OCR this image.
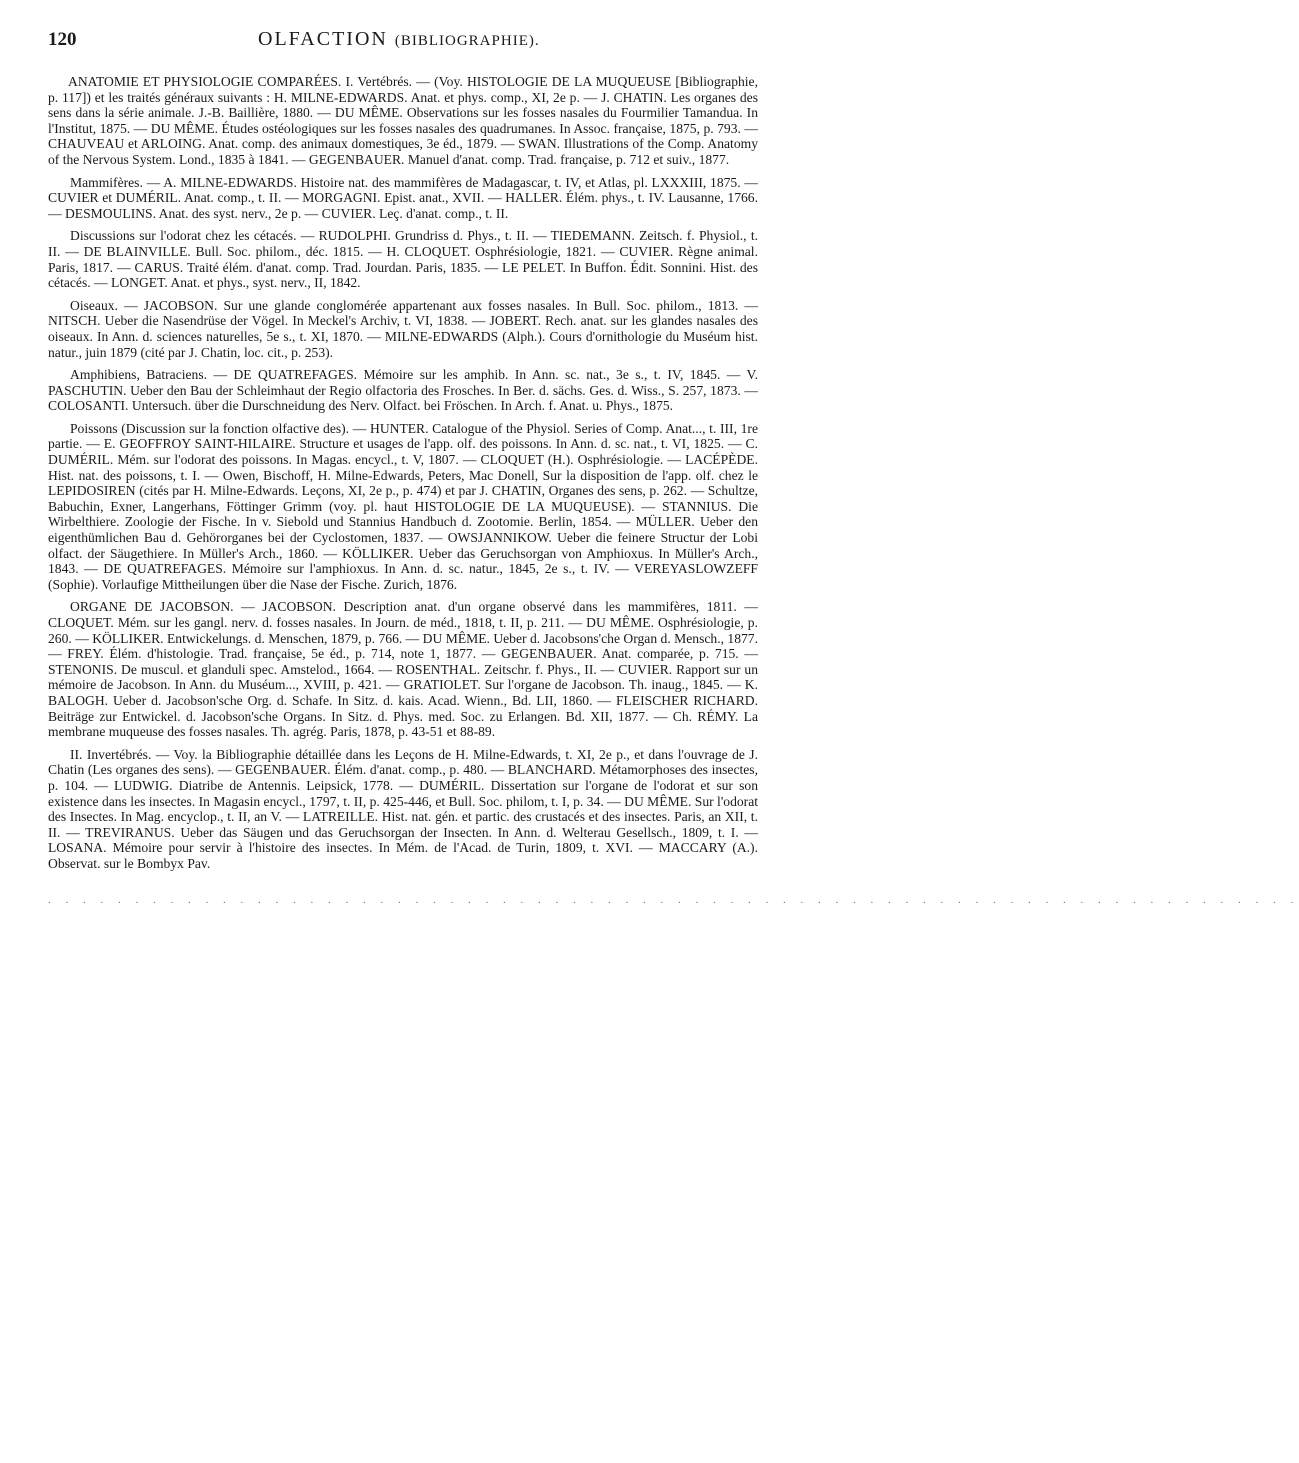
120	OLFACTION (BIBLIOGRAPHIE).

ANATOMIE ET PHYSIOLOGIE COMPARÉES. I. Vertébrés. — (Voy. HISTOLOGIE DE LA MUQUEUSE [Bibliographie, p. 117]) et les traités généraux suivants : H. MILNE-EDWARDS. Anat. et phys. comp., XI, 2e p. — J. CHATIN. Les organes des sens dans la série animale. J.-B. Baillière, 1880. — DU MÊME. Observations sur les fosses nasales du Fourmilier Tamandua. In l'Institut, 1875. — DU MÊME. Études ostéologiques sur les fosses nasales des quadrumanes. In Assoc. française, 1875, p. 793. — CHAUVEAU et ARLOING. Anat. comp. des animaux domestiques, 3e éd., 1879. — SWAN. Illustrations of the Comp. Anatomy of the Nervous System. Lond., 1835 à 1841. — GEGENBAUER. Manuel d'anat. comp. Trad. française, p. 712 et suiv., 1877.

Mammifères. — A. MILNE-EDWARDS. Histoire nat. des mammifères de Madagascar, t. IV, et Atlas, pl. LXXXIII, 1875. — CUVIER et DUMÉRIL. Anat. comp., t. II. — MORGAGNI. Epist. anat., XVII. — HALLER. Élém. phys., t. IV. Lausanne, 1766. — DESMOULINS. Anat. des syst. nerv., 2e p. — CUVIER. Leç. d'anat. comp., t. II.

Discussions sur l'odorat chez les cétacés. — RUDOLPHI. Grundriss d. Phys., t. II. — TIEDEMANN. Zeitsch. f. Physiol., t. II. — DE BLAINVILLE. Bull. Soc. philom., déc. 1815. — H. CLOQUET. Osphrésiologie, 1821. — CUVIER. Règne animal. Paris, 1817. — CARUS. Traité élém. d'anat. comp. Trad. Jourdan. Paris, 1835. — LE PELET. In Buffon. Édit. Sonnini. Hist. des cétacés. — LONGET. Anat. et phys., syst. nerv., II, 1842.

Oiseaux. — JACOBSON. Sur une glande conglomérée appartenant aux fosses nasales. In Bull. Soc. philom., 1813. — NITSCH. Ueber die Nasendrüse der Vögel. In Meckel's Archiv, t. VI, 1838. — JOBERT. Rech. anat. sur les glandes nasales des oiseaux. In Ann. d. sciences naturelles, 5e s., t. XI, 1870. — MILNE-EDWARDS (Alph.). Cours d'ornithologie du Muséum hist. natur., juin 1879 (cité par J. Chatin, loc. cit., p. 253).

Amphibiens, Batraciens. — DE QUATREFAGES. Mémoire sur les amphib. In Ann. sc. nat., 3e s., t. IV, 1845. — V. PASCHUTIN. Ueber den Bau der Schleimhaut der Regio olfactoria des Frosches. In Ber. d. sächs. Ges. d. Wiss., S. 257, 1873. — COLOSANTI. Untersuch. über die Durschneidung des Nerv. Olfact. bei Fröschen. In Arch. f. Anat. u. Phys., 1875.

Poissons (Discussion sur la fonction olfactive des). — HUNTER. Catalogue of the Physiol. Series of Comp. Anat..., t. III, 1re partie. — E. GEOFFROY SAINT-HILAIRE. Structure et usages de l'app. olf. des poissons. In Ann. d. sc. nat., t. VI, 1825. — C. DUMÉRIL. Mém. sur l'odorat des poissons. In Magas. encycl., t. V, 1807. — CLOQUET (H.). Osphrésiologie. — LACÉPÈDE. Hist. nat. des poissons, t. I. — Owen, Bischoff, H. Milne-Edwards, Peters, Mac Donell, Sur la disposition de l'app. olf. chez le LEPIDOSIREN (cités par H. Milne-Edwards. Leçons, XI, 2e p., p. 474) et par J. CHATIN, Organes des sens, p. 262. — Schultze, Babuchin, Exner, Langerhans, Föttinger Grimm (voy. pl. haut HISTOLOGIE DE LA MUQUEUSE). — STANNIUS. Die Wirbelthiere. Zoologie der Fische. In v. Siebold und Stannius Handbuch d. Zootomie. Berlin, 1854. — MÜLLER. Ueber den eigenthümlichen Bau d. Gehörorganes bei der Cyclostomen, 1837. — OWSJANNIKOW. Ueber die feinere Structur der Lobi olfact. der Säugethiere. In Müller's Arch., 1860. — KÖLLIKER. Ueber das Geruchsorgan von Amphioxus. In Müller's Arch., 1843. — DE QUATREFAGES. Mémoire sur l'amphioxus. In Ann. d. sc. natur., 1845, 2e s., t. IV. — VEREYASLOWZEFF (Sophie). Vorlaufige Mittheilungen über die Nase der Fische. Zurich, 1876.

ORGANE DE JACOBSON. — JACOBSON. Description anat. d'un organe observé dans les mammifères, 1811. — CLOQUET. Mém. sur les gangl. nerv. d. fosses nasales. In Journ. de méd., 1818, t. II, p. 211. — DU MÊME. Osphrésiologie, p. 260. — KÖLLIKER. Entwickelungs. d. Menschen, 1879, p. 766. — DU MÊME. Ueber d. Jacobsons'che Organ d. Mensch., 1877. — FREY. Élém. d'histologie. Trad. française, 5e éd., p. 714, note 1, 1877. — GEGENBAUER. Anat. comparée, p. 715. — STENONIS. De muscul. et glanduli spec. Amstelod., 1664. — ROSENTHAL. Zeitschr. f. Phys., II. — CUVIER. Rapport sur un mémoire de Jacobson. In Ann. du Muséum..., XVIII, p. 421. — GRATIOLET. Sur l'organe de Jacobson. Th. inaug., 1845. — K. BALOGH. Ueber d. Jacobson'sche Org. d. Schafe. In Sitz. d. kais. Acad. Wienn., Bd. LII, 1860. — FLEISCHER RICHARD. Beiträge zur Entwickel. d. Jacobson'sche Organs. In Sitz. d. Phys. med. Soc. zu Erlangen. Bd. XII, 1877. — Ch. RÉMY. La membrane muqueuse des fosses nasales. Th. agrég. Paris, 1878, p. 43-51 et 88-89.

II. Invertébrés. — Voy. la Bibliographie détaillée dans les Leçons de H. Milne-Edwards, t. XI, 2e p., et dans l'ouvrage de J. Chatin (Les organes des sens). — GEGENBAUER. Élém. d'anat. comp., p. 480. — BLANCHARD. Métamorphoses des insectes, p. 104. — LUDWIG. Diatribe de Antennis. Leipsick, 1778. — DUMÉRIL. Dissertation sur l'organe de l'odorat et sur son existence dans les insectes. In Magasin encycl., 1797, t. II, p. 425-446, et Bull. Soc. philom, t. I, p. 34. — DU MÊME. Sur l'odorat des Insectes. In Mag. encyclop., t. II, an V. — LATREILLE. Hist. nat. gén. et partic. des crustacés et des insectes. Paris, an XII, t. II. — TREVIRANUS. Ueber das Säugen und das Geruchsorgan der Insecten. In Ann. d. Welterau Gesellsch., 1809, t. I. — LOSANA. Mémoire pour servir à l'histoire des insectes. In Mém. de l'Acad. de Turin, 1809, t. XVI. — MACCARY (A.). Observat. sur le Bombyx Pav.

. . . . . . . . . . . . . . . . . . . . . . . . . . . . . . . . . . . . . . . . . . . . . . . . . . . . . . . . . . . . . . . . . . . . . . . .
